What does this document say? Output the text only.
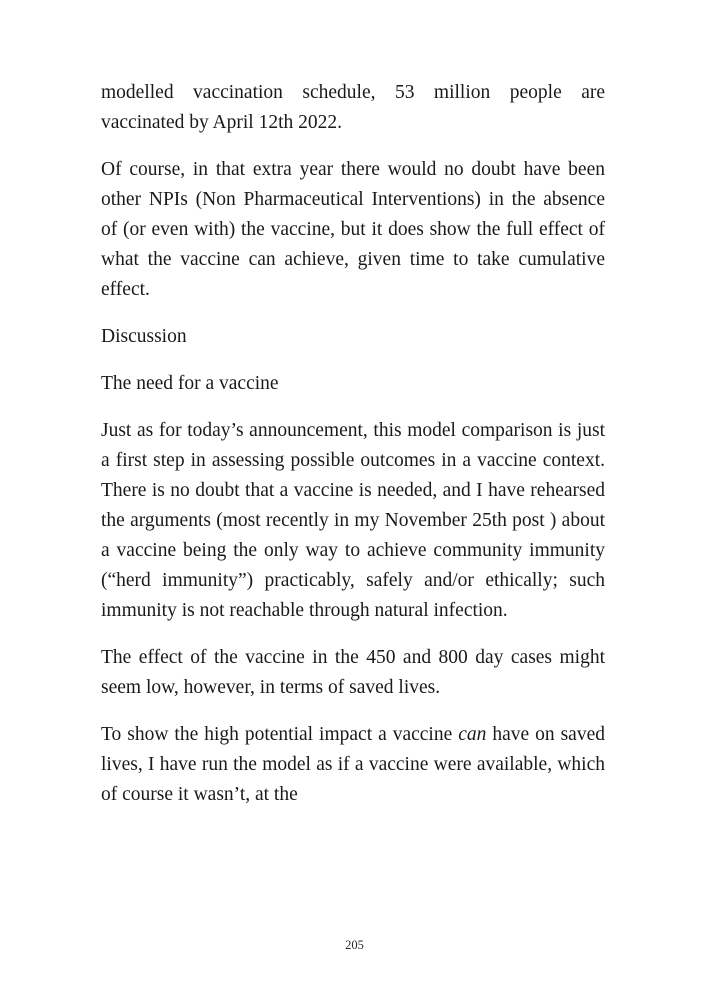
modelled vaccination schedule, 53 million people are vaccinated by April 12th 2022.

Of course, in that extra year there would no doubt have been other NPIs (Non Pharmaceutical Interventions) in the absence of (or even with) the vaccine, but it does show the full effect of what the vaccine can achieve, given time to take cumulative effect.

Discussion

The need for a vaccine

Just as for today’s announcement, this model comparison is just a first step in assessing possible outcomes in a vaccine context. There is no doubt that a vaccine is needed, and I have rehearsed the arguments (most recently in my November 25th post ) about a vaccine being the only way to achieve community immunity (“herd immunity”) practicably, safely and/or ethically; such immunity is not reachable through natural infection.

The effect of the vaccine in the 450 and 800 day cases might seem low, however, in terms of saved lives.

To show the high potential impact a vaccine can have on saved lives, I have run the model as if a vaccine were available, which of course it wasn’t, at the

205
